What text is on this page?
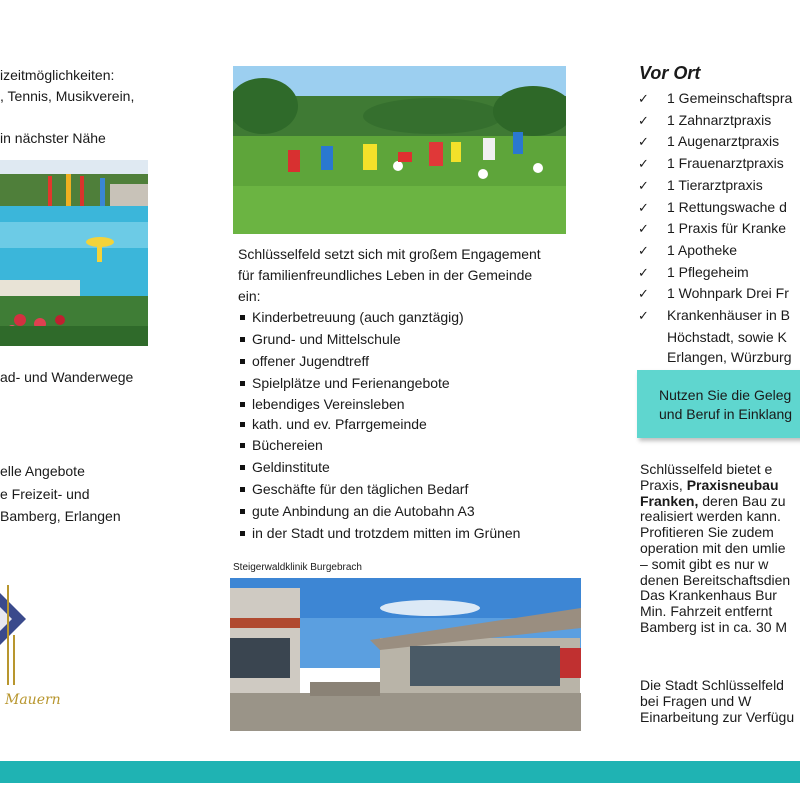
izeitmöglichkeiten:
, Tennis, Musikverein,
in nächster Nähe
ad- und Wanderwege
elle Angebote
e Freizeit- und
Bamberg, Erlangen
Mauern
Schlüsselfeld setzt sich mit großem Engagement
für familienfreundliches Leben in der Gemeinde
ein:
Kinderbetreuung (auch ganztägig)
Grund- und Mittelschule
offener Jugendtreff
Spielplätze und Ferienangebote
lebendiges Vereinsleben
kath. und ev. Pfarrgemeinde
Büchereien
Geldinstitute
Geschäfte für den täglichen Bedarf
gute Anbindung an die Autobahn A3
in der Stadt und trotzdem mitten im Grünen
Steigerwaldklinik Burgebrach
Vor Ort
✓ 1 Gemeinschaftspra
✓ 1 Zahnarztpraxis
✓ 1 Augenarztpraxis
✓ 1 Frauenarztpraxis
✓ 1 Tierarztpraxis
✓ 1 Rettungswache d
✓ 1 Praxis für Kranke
✓ 1 Apotheke
✓ 1 Pflegeheim
✓ 1 Wohnpark Drei Fr
✓ Krankenhäuser in B
Höchstadt, sowie K
Erlangen, Würzburg
Nutzen Sie die Geleg
und Beruf in Einklang
Schlüsselfeld bietet e
Praxis, Praxisneubau
Franken, deren Bau zu
realisiert werden kann.
Profitieren Sie zudem
operation mit den umlie
– somit gibt es nur w
denen Bereitschaftsdien
Das Krankenhaus Bur
Min. Fahrzeit entfernt
Bamberg ist in ca. 30 M
Die Stadt Schlüsselfeld
bei Fragen und W
Einarbeitung zur Verfügu
